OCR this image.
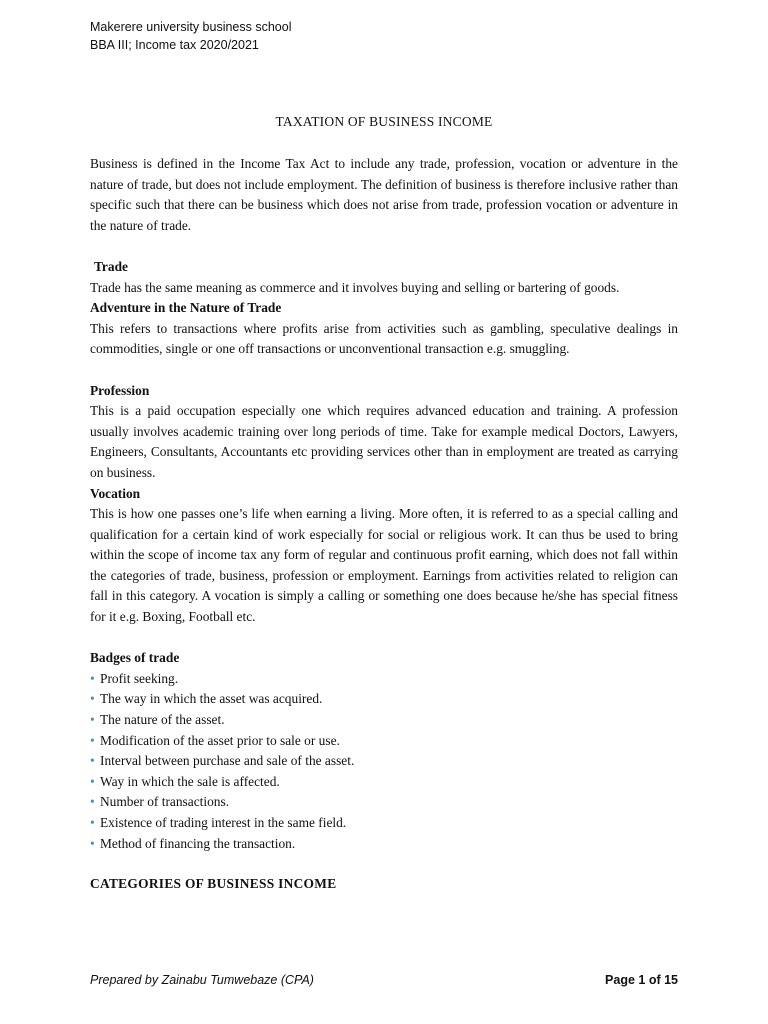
Makerere university business school
BBA III; Income tax 2020/2021
TAXATION OF BUSINESS INCOME

Business is defined in the Income Tax Act to include any trade, profession, vocation or adventure in the nature of trade, but does not include employment. The definition of business is therefore inclusive rather than specific such that there can be business which does not arise from trade, profession vocation or adventure in the nature of trade.

Trade

Trade has the same meaning as commerce and it involves buying and selling or bartering of goods.

Adventure in the Nature of Trade

This refers to transactions where profits arise from activities such as gambling, speculative dealings in commodities, single or one off transactions or unconventional transaction e.g. smuggling.

Profession

This is a paid occupation especially one which requires advanced education and training. A profession usually involves academic training over long periods of time. Take for example medical Doctors, Lawyers, Engineers, Consultants, Accountants etc providing services other than in employment are treated as carrying on business.

Vocation

This is how one passes one’s life when earning a living. More often, it is referred to as a special calling and qualification for a certain kind of work especially for social or religious work. It can thus be used to bring within the scope of income tax any form of regular and continuous profit earning, which does not fall within the categories of trade, business, profession or employment. Earnings from activities related to religion can fall in this category. A vocation is simply a calling or something one does because he/she has special fitness for it e.g. Boxing, Football etc.

Badges of trade
• Profit seeking.
• The way in which the asset was acquired.
• The nature of the asset.
• Modification of the asset prior to sale or use.
• Interval between purchase and sale of the asset.
• Way in which the sale is affected.
• Number of transactions.
• Existence of trading interest in the same field.
• Method of financing the transaction.
CATEGORIES OF BUSINESS INCOME
Prepared by Zainabu Tumwebaze (CPA)	Page 1 of 15
